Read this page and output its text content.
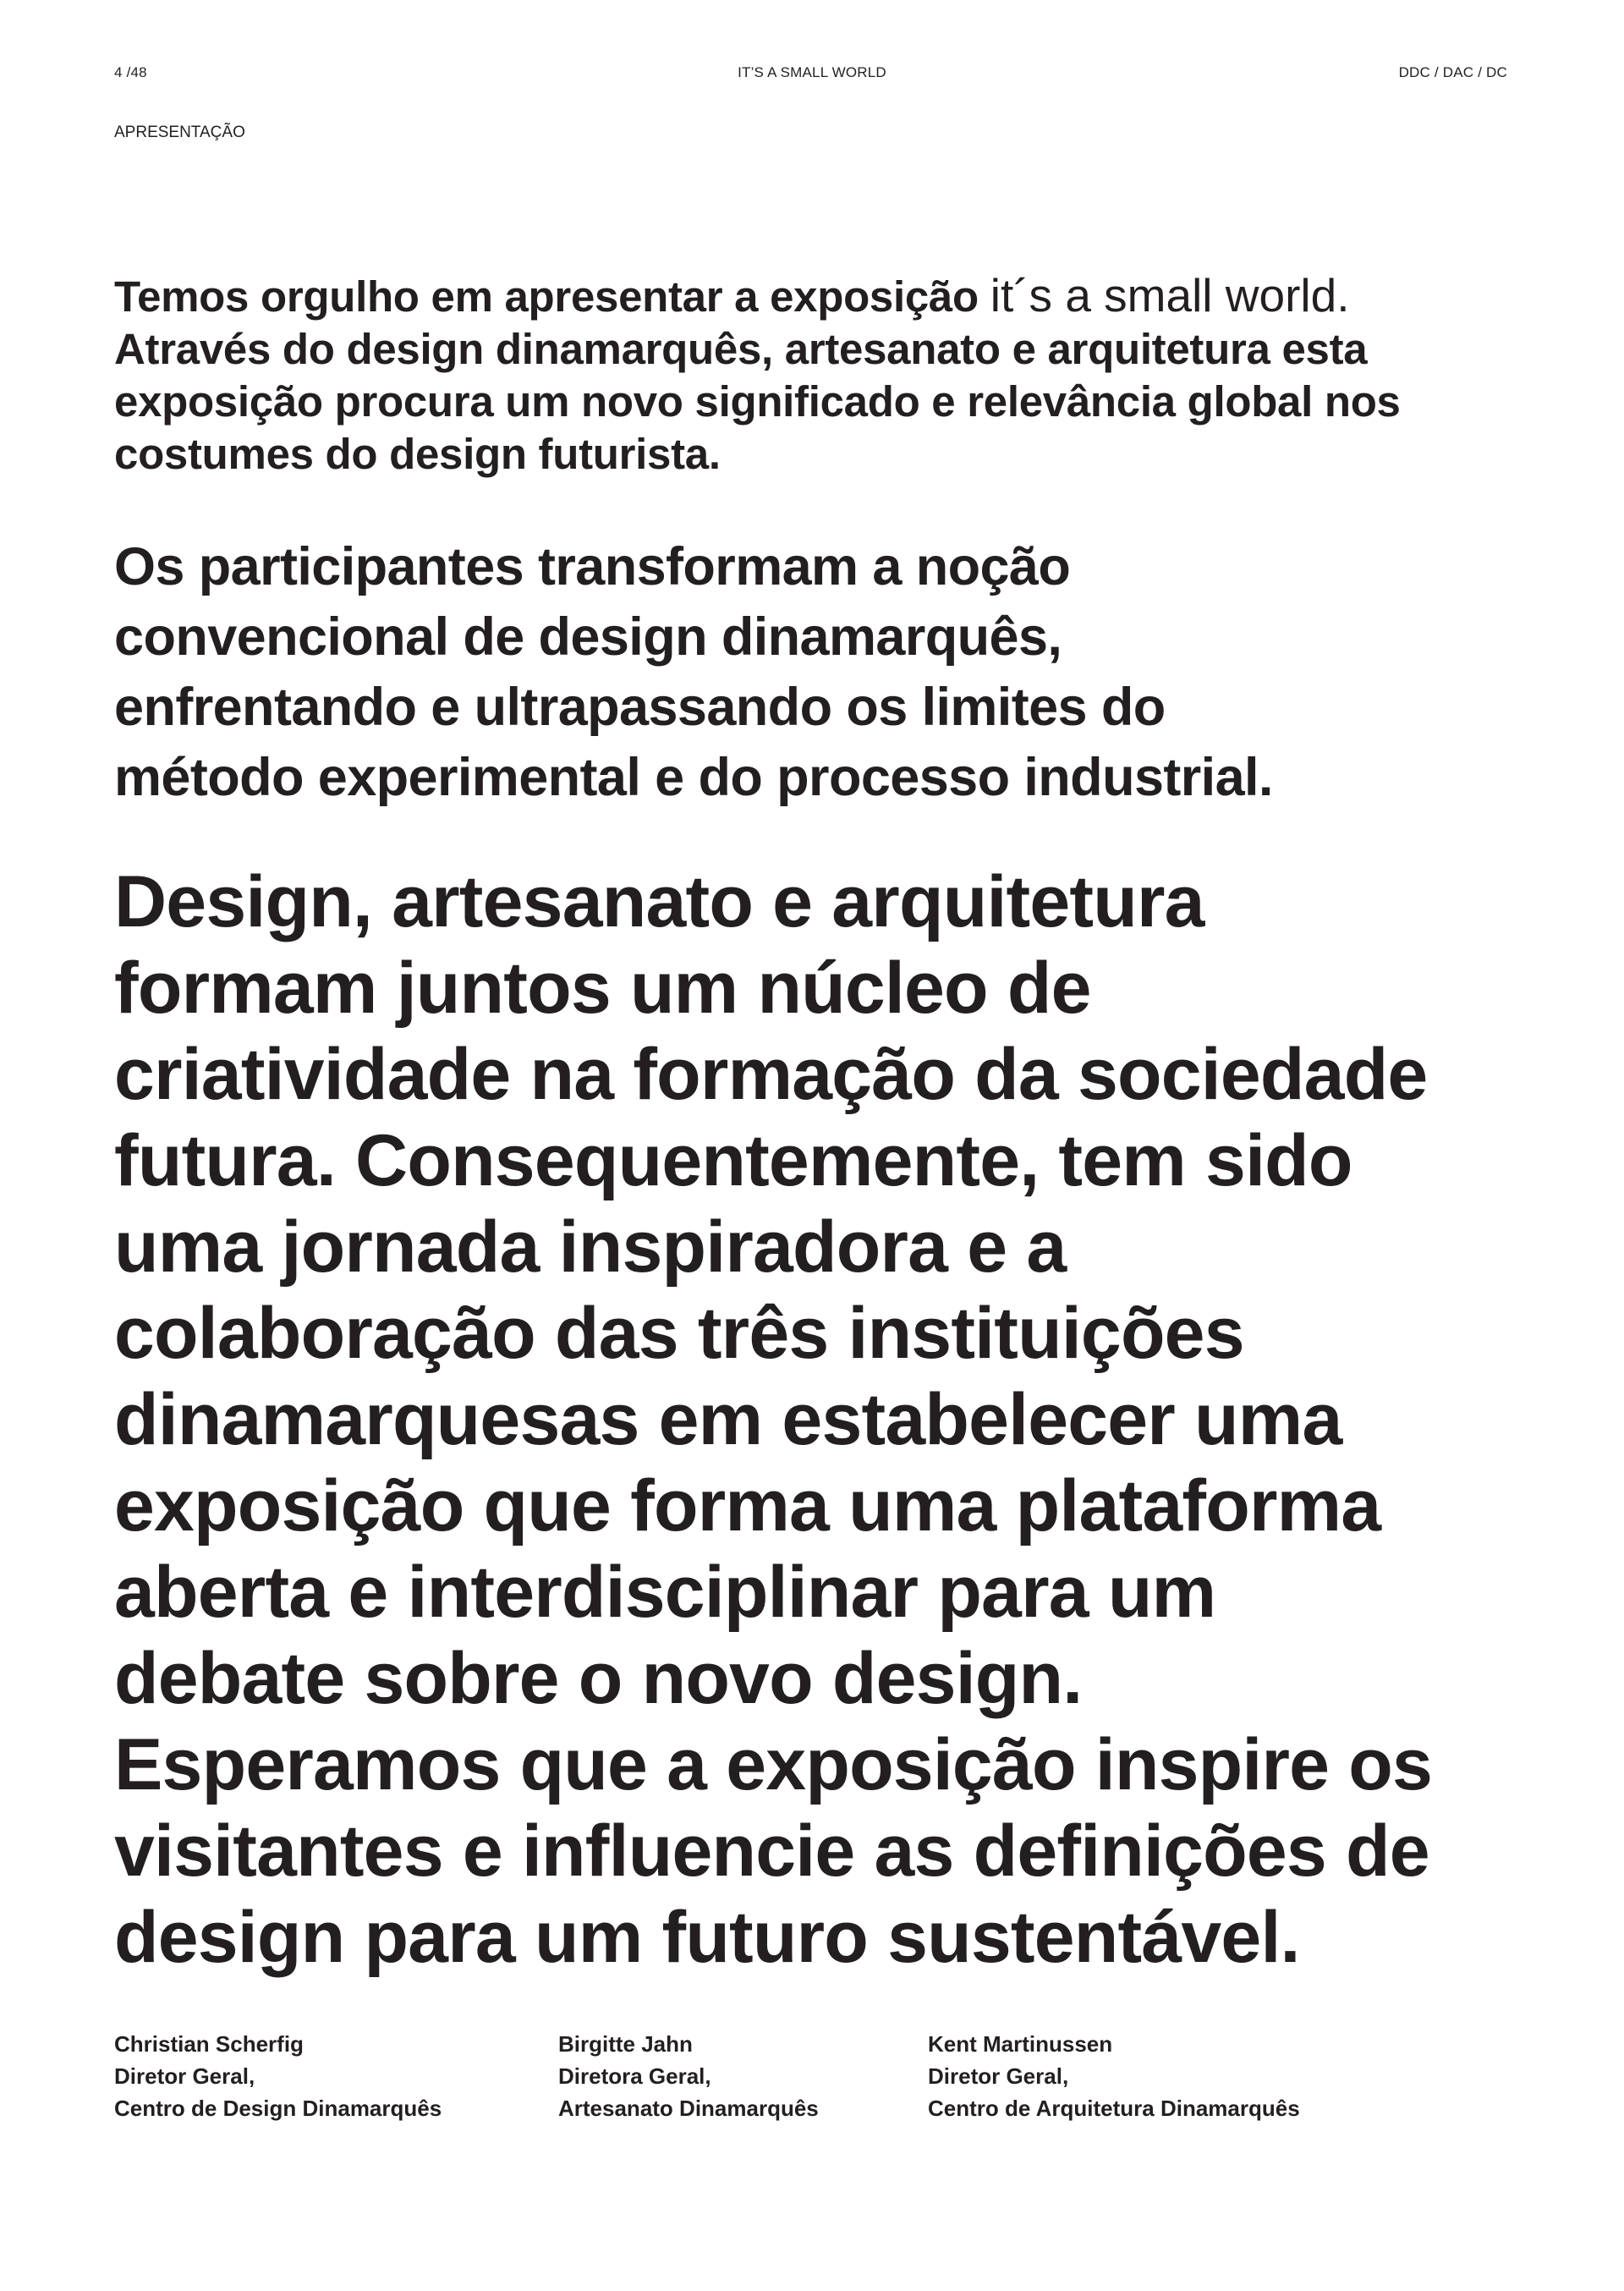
4 /48	IT’S A SMALL WORLD	DDC / DAC / DC
APRESENTAÇÃO

Temos orgulho em apresentar a exposição it´s a small world.
Através do design dinamarquês, artesanato e arquitetura esta
exposição procura um novo significado e relevância global nos
costumes do design futurista.

Os participantes transformam a noção
convencional de design dinamarquês,
enfrentando e ultrapassando os limites do
método experimental e do processo industrial.

Design, artesanato e arquitetura
formam juntos um núcleo de
criatividade na formação da sociedade
futura. Consequentemente, tem sido
uma jornada inspiradora e a
colaboração das três instituições
dinamarquesas em estabelecer uma
exposição que forma uma plataforma
aberta e interdisciplinar para um
debate sobre o novo design.
Esperamos que a exposição inspire os
visitantes e influencie as definições de
design para um futuro sustentável.

Christian Scherfig
Diretor Geral,
Centro de Design Dinamarquês
Birgitte Jahn
Diretora Geral,
Artesanato Dinamarquês
Kent Martinussen
Diretor Geral,
Centro de Arquitetura Dinamarquês
